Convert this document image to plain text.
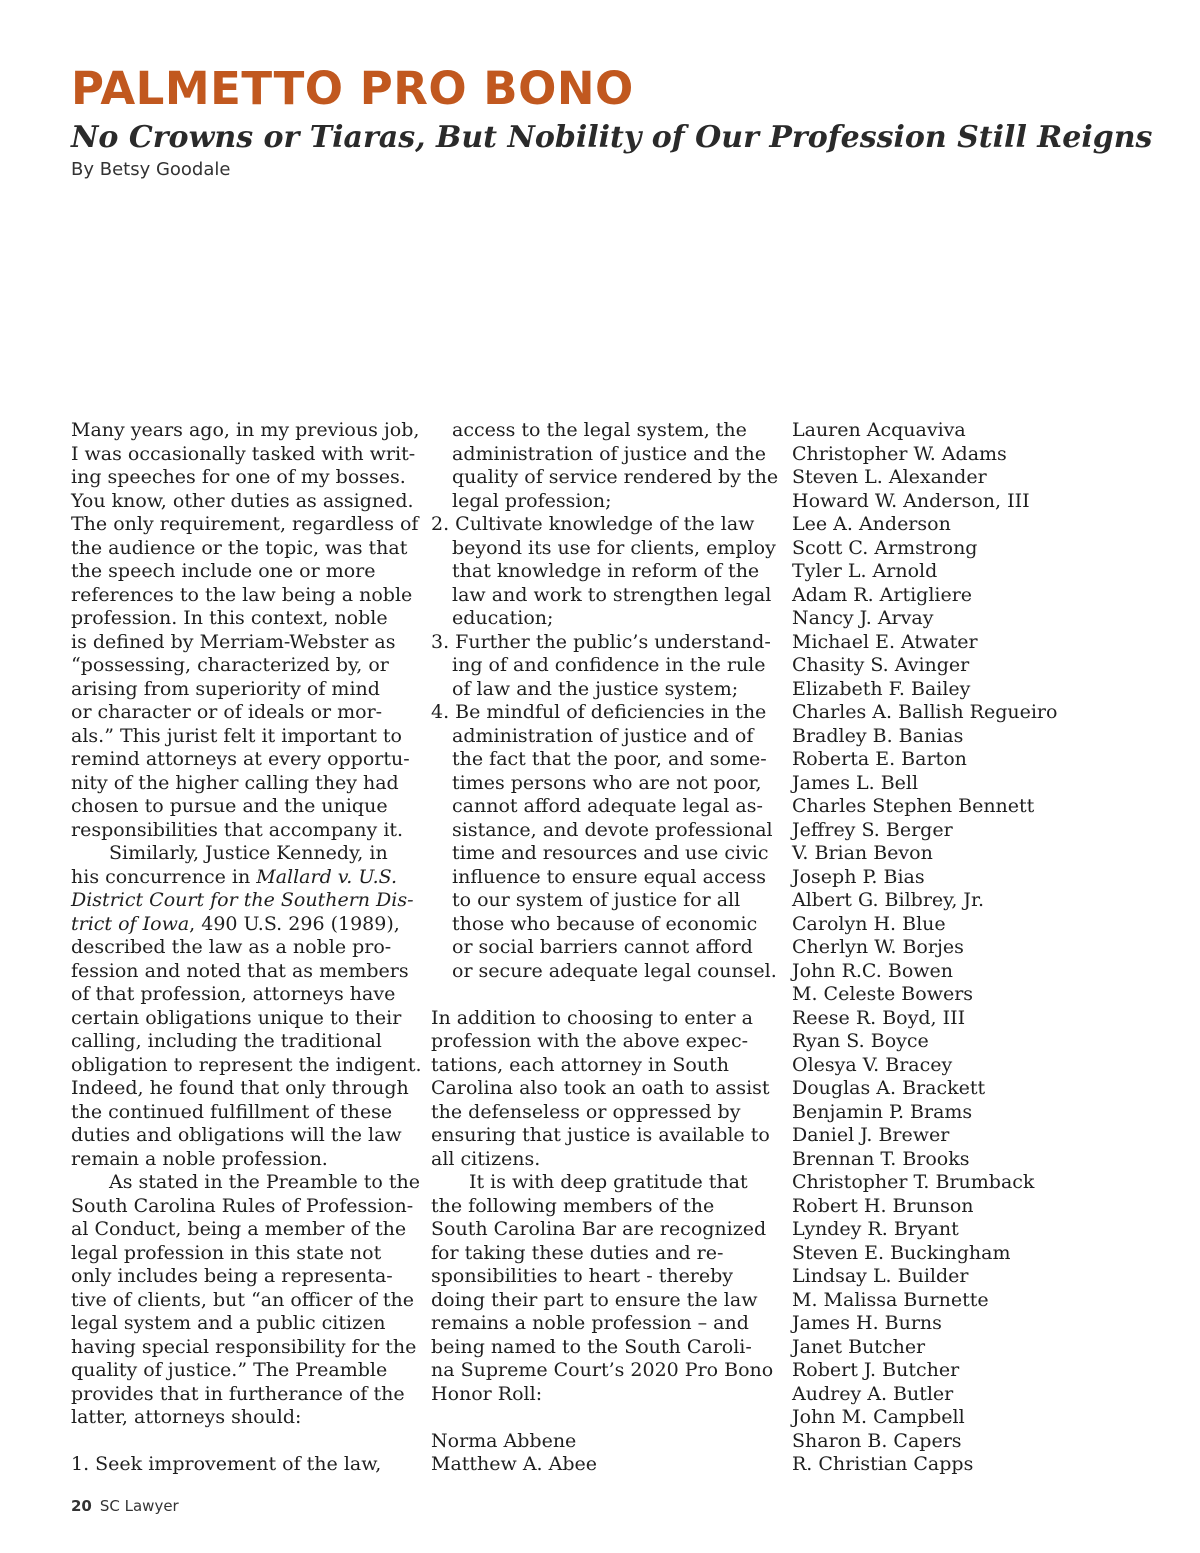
PALMETTO PRO BONO
No Crowns or Tiaras, But Nobility of Our Profession Still Reigns

By Betsy Goodale

Many years ago, in my previous job,
I was occasionally tasked with writ-
ing speeches for one of my bosses.
You know, other duties as assigned.
The only requirement, regardless of
the audience or the topic, was that
the speech include one or more
references to the law being a noble
profession. In this context, noble
is defined by Merriam-Webster as
“possessing, characterized by, or
arising from superiority of mind
or character or of ideals or mor-
als.” This jurist felt it important to
remind attorneys at every opportu-
nity of the higher calling they had
chosen to pursue and the unique
responsibilities that accompany it.
Similarly, Justice Kennedy, in
his concurrence in Mallard v. U.S.
District Court for the Southern Dis-
trict of Iowa, 490 U.S. 296 (1989),
described the law as a noble pro-
fession and noted that as members
of that profession, attorneys have
certain obligations unique to their
calling, including the traditional
obligation to represent the indigent.
Indeed, he found that only through
the continued fulfillment of these
duties and obligations will the law
remain a noble profession.
As stated in the Preamble to the
South Carolina Rules of Profession-
al Conduct, being a member of the
legal profession in this state not
only includes being a representa-
tive of clients, but “an officer of the
legal system and a public citizen
having special responsibility for the
quality of justice.” The Preamble
provides that in furtherance of the
latter, attorneys should:
1. Seek improvement of the law,
access to the legal system, the
administration of justice and the
quality of service rendered by the
legal profession;
2. Cultivate knowledge of the law
beyond its use for clients, employ
that knowledge in reform of the
law and work to strengthen legal
education;
3. Further the public’s understand-
ing of and confidence in the rule
of law and the justice system;
4. Be mindful of deficiencies in the
administration of justice and of
the fact that the poor, and some-
times persons who are not poor,
cannot afford adequate legal as-
sistance, and devote professional
time and resources and use civic
influence to ensure equal access
to our system of justice for all
those who because of economic
or social barriers cannot afford
or secure adequate legal counsel.
In addition to choosing to enter a
profession with the above expec-
tations, each attorney in South
Carolina also took an oath to assist
the defenseless or oppressed by
ensuring that justice is available to
all citizens.
It is with deep gratitude that
the following members of the
South Carolina Bar are recognized
for taking these duties and re-
sponsibilities to heart - thereby
doing their part to ensure the law
remains a noble profession – and
being named to the South Caroli-
na Supreme Court’s 2020 Pro Bono
Honor Roll:
Norma Abbene
Matthew A. Abee
Lauren Acquaviva
Christopher W. Adams
Steven L. Alexander
Howard W. Anderson, III
Lee A. Anderson
Scott C. Armstrong
Tyler L. Arnold
Adam R. Artigliere
Nancy J. Arvay
Michael E. Atwater
Chasity S. Avinger
Elizabeth F. Bailey
Charles A. Ballish Regueiro
Bradley B. Banias
Roberta E. Barton
James L. Bell
Charles Stephen Bennett
Jeffrey S. Berger
V. Brian Bevon
Joseph P. Bias
Albert G. Bilbrey, Jr.
Carolyn H. Blue
Cherlyn W. Borjes
John R.C. Bowen
M. Celeste Bowers
Reese R. Boyd, III
Ryan S. Boyce
Olesya V. Bracey
Douglas A. Brackett
Benjamin P. Brams
Daniel J. Brewer
Brennan T. Brooks
Christopher T. Brumback
Robert H. Brunson
Lyndey R. Bryant
Steven E. Buckingham
Lindsay L. Builder
M. Malissa Burnette
James H. Burns
Janet Butcher
Robert J. Butcher
Audrey A. Butler
John M. Campbell
Sharon B. Capers
R. Christian Capps
20 SC Lawyer
